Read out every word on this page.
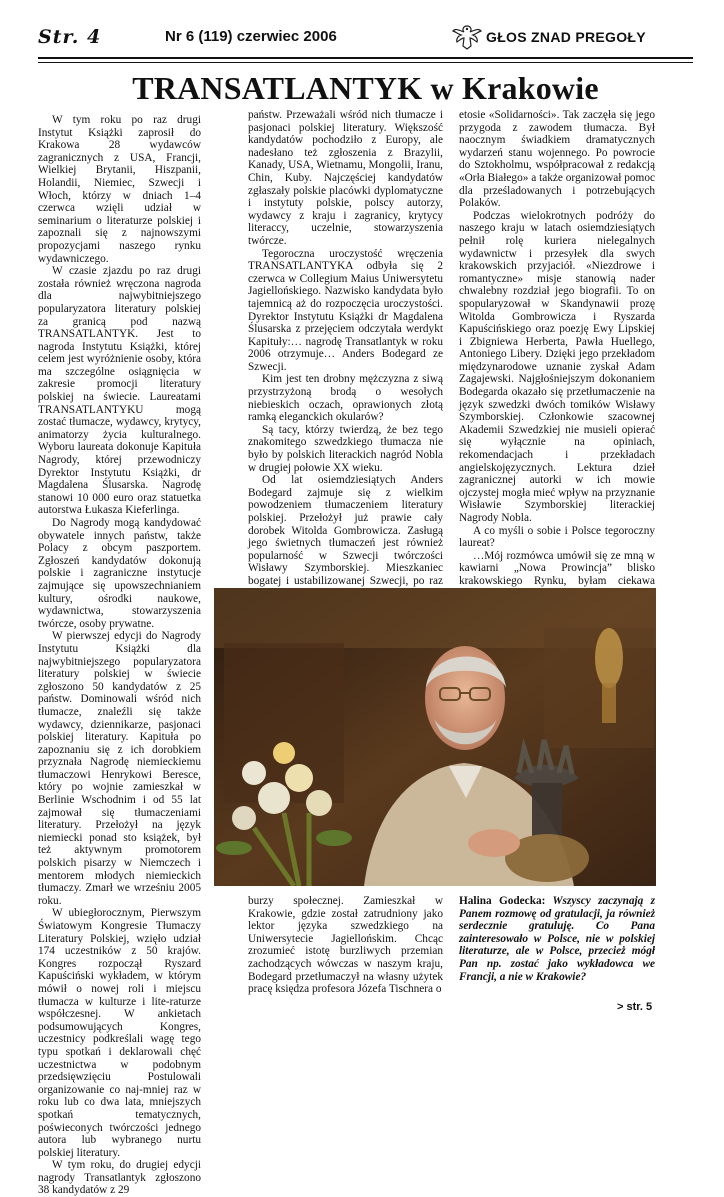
Str. 4	Nr 6 (119) czerwiec 2006	GŁOS ZNAD PREGOŁY
TRANSATLANTYK w Krakowie

W tym roku po raz drugi Instytut Książki zaprosił do Krakowa 28 wydawców zagranicznych z USA, Francji, Wielkiej Brytanii, Hiszpanii, Holandii, Niemiec, Szwecji i Włoch, którzy w dniach 1–4 czerwca wzięli udział w seminarium o literaturze polskiej i zapoznali się z najnowszymi propozycjami naszego rynku wydawniczego.

W czasie zjazdu po raz drugi została również wręczona nagroda dla najwybitniejszego popularyzatora literatury polskiej za granicą pod nazwą TRANSATLANTYK. Jest to nagroda Instytutu Książki, której celem jest wyróżnienie osoby, która ma szczególne osiągnięcia w zakresie promocji literatury polskiej na świecie. Laureatami TRANSATLANTYKU mogą zostać tłumacze, wydawcy, krytycy, animatorzy życia kulturalnego. Wyboru laureata dokonuje Kapituła Nagrody, której przewodniczy Dyrektor Instytutu Książki, dr Magdalena Ślusarska. Nagrodę stanowi 10 000 euro oraz statuetka autorstwa Łukasza Kieferlinga.

Do Nagrody mogą kandydować obywatele innych państw, także Polacy z obcym paszportem. Zgłoszeń kandydatów dokonują polskie i zagraniczne instytucje zajmujące się upowszechnianiem kultury, ośrodki naukowe, wydawnictwa, stowarzyszenia twórcze, osoby prywatne.

W pierwszej edycji do Nagrody Instytutu Książki dla najwybitniejszego popularyzatora literatury polskiej w świecie zgłoszono 50 kandydatów z 25 państw. Dominowali wśród nich tłumacze, znaleźli się także wydawcy, dziennikarze, pasjonaci polskiej literatury. Kapituła po zapoznaniu się z ich dorobkiem przyznała Nagrodę niemieckiemu tłumaczowi Henrykowi Beresce, który po wojnie zamieszkał w Berlinie Wschodnim i od 55 lat zajmował się tłumaczeniami literatury. Przełożył na język niemiecki ponad sto książek, był też aktywnym promotorem polskich pisarzy w Niemczech i mentorem młodych niemieckich tłumaczy. Zmarł we wrześniu 2005 roku.

W ubiegłorocznym, Pierwszym Światowym Kongresie Tłumaczy Literatury Polskiej, wzięło udział 174 uczestników z 50 krajów. Kongres rozpoczął Ryszard Kapuściński wykładem, w którym mówił o nowej roli i miejscu tłumacza w kulturze i lite-raturze współczesnej. W ankietach podsumowujących Kongres, uczestnicy podkreślali wagę tego typu spotkań i deklarowali chęć uczestnictwa w podobnym przedsięwzięciu Postulowali organizowanie co naj-mniej raz w roku lub co dwa lata, mniejszych spotkań tematycznych, poświeconych twórczości jednego autora lub wybranego nurtu polskiej literatury.

W tym roku, do drugiej edycji nagrody Transatlantyk zgłoszono 38 kandydatów z 29

państw. Przeważali wśród nich tłumacze i pasjonaci polskiej literatury. Większość kandydatów pochodziło z Europy, ale nadesłano też zgłoszenia z Brazylii, Kanady, USA, Wietnamu, Mongolii, Iranu, Chin, Kuby. Najczęściej kandydatów zgłaszały polskie placówki dyplomatyczne i instytuty polskie, polscy autorzy, wydawcy z kraju i zagranicy, krytycy literaccy, uczelnie, stowarzyszenia twórcze.

Tegoroczna uroczystość wręczenia TRANSATLANTYKA odbyła się 2 czerwca w Collegium Maius Uniwersytetu Jagiellońskiego. Nazwisko kandydata było tajemnicą aż do rozpoczęcia uroczystości. Dyrektor Instytutu Książki dr Magdalena Ślusarska z przejęciem odczytała werdykt Kapituły:… nagrodę Transatlantyk w roku 2006 otrzymuje… Anders Bodegard ze Szwecji.

Kim jest ten drobny mężczyzna z siwą przystrzyżoną brodą o wesołych niebieskich oczach, oprawionych złotą ramką eleganckich okularów?

Są tacy, którzy twierdzą, że bez tego znakomitego szwedzkiego tłumacza nie było by polskich literackich nagród Nobla w drugiej połowie XX wieku.

Od lat osiemdziesiątych Anders Bodegard zajmuje się z wielkim powodzeniem tłumaczeniem literatury polskiej. Przełożył już prawie cały dorobek Witolda Gombrowicza. Zasługą jego świetnych tłumaczeń jest również popularność w Szwecji twórczości Wisławy Szymborskiej. Mieszkaniec bogatej i ustabilizowanej Szwecji, po raz

etosie «Solidarności». Tak zaczęła się jego przygoda z zawodem tłumacza. Był naocznym świadkiem dramatycznych wydarzeń stanu wojennego. Po powrocie do Sztokholmu, współpracował z redakcją «Orła Białego» a także organizował pomoc dla prześladowanych i potrzebujących Polaków.

Podczas wielokrotnych podróży do naszego kraju w latach osiemdziesiątych pełnił rolę kuriera nielegalnych wydawnictw i przesyłek dla swych krakowskich przyjaciół. «Niezdrowe i romantyczne» misje stanowią nader chwalebny rozdział jego biografii. To on spopularyzował w Skandynawii prozę Witolda Gombrowicza i Ryszarda Kapuścińskiego oraz poezję Ewy Lipskiej i Zbigniewa Herberta, Pawła Huellego, Antoniego Libery. Dzięki jego przekładom międzynarodowe uznanie zyskał Adam Zagajewski. Najgłośniejszym dokonaniem Bodegarda okazało się przetłumaczenie na język szwedzki dwóch tomików Wisławy Szymborskiej. Członkowie szacownej Akademii Szwedzkiej nie musieli opierać się wyłącznie na opiniach, rekomendacjach i przekładach angielskojęzycznych. Lektura dzieł zagranicznej autorki w ich mowie ojczystej mogła mieć wpływ na przyznanie Wisławie Szymborskiej literackiej Nagrody Nobla.

A co myśli o sobie i Polsce tegoroczny laureat?

…Mój rozmówca umówił się ze mną w kawiarni „Nowa Prowincja” blisko krakowskiego Rynku, byłam ciekawa

burzy społecznej. Zamieszkał w Krakowie, gdzie został zatrudniony jako lektor języka szwedzkiego na Uniwersytecie Jagiellońskim. Chcąc zrozumieć istotę burzliwych przemian zachodzących wówczas w naszym kraju, Bodegard przetłumaczył na własny użytek pracę księdza profesora Józefa Tischnera o

Halina Godecka: Wszyscy zaczynają z Panem rozmowę od gratulacji, ja również serdecznie gratuluję. Co Pana zainteresowało w Polsce, nie w polskiej literaturze, ale w Polsce, przecież mógł Pan np. zostać jako wykładowca we Francji, a nie w Krakowie?
> str. 5
